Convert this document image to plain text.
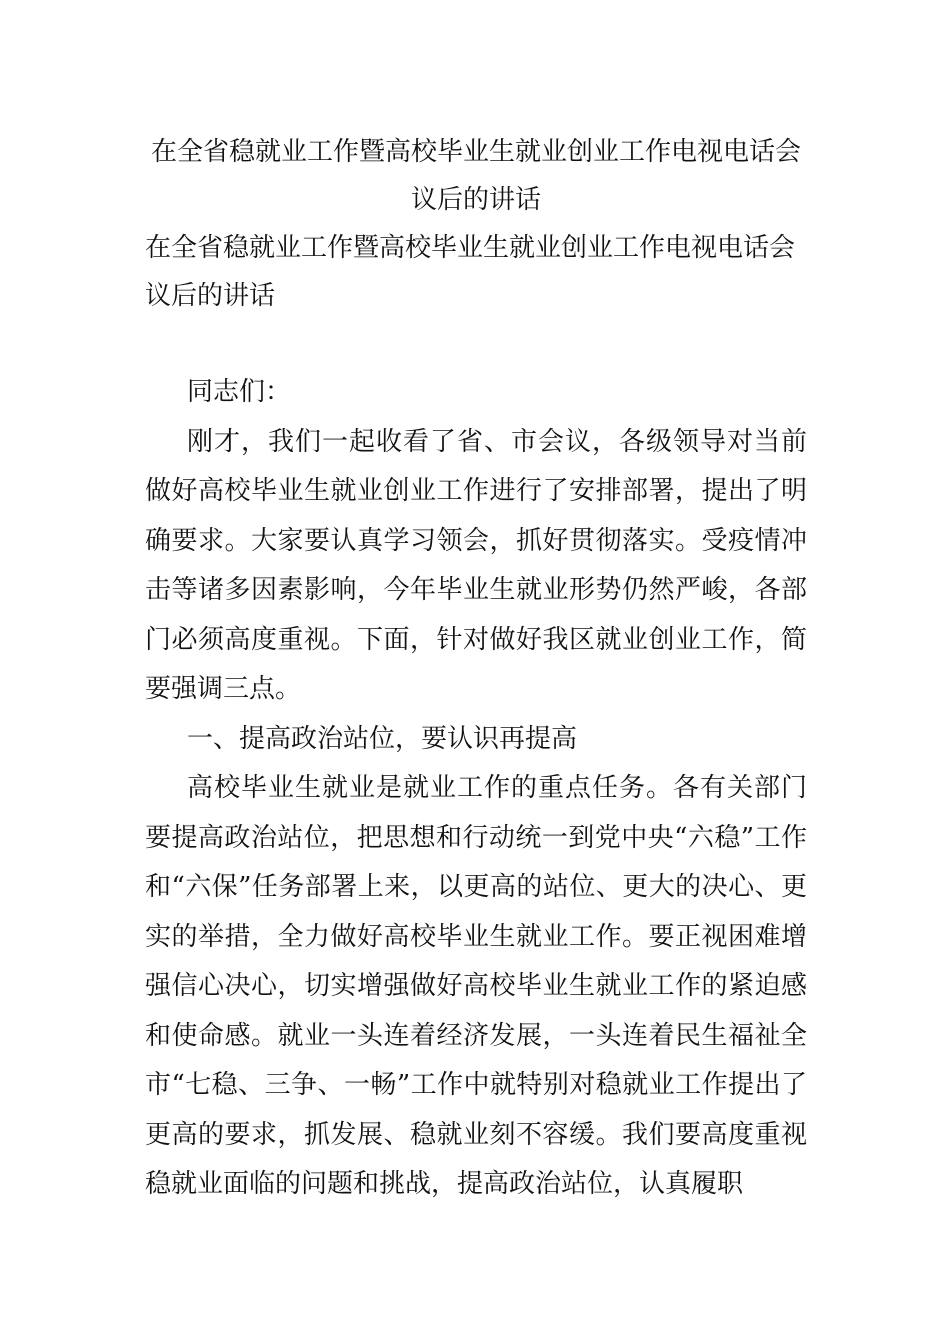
在全省稳就业工作暨高校毕业生就业创业工作电视电话会议后的讲话

在全省稳就业工作暨高校毕业生就业创业工作电视电话会议后的讲话

同志们：

刚才，我们一起收看了省、市会议，各级领导对当前做好高校毕业生就业创业工作进行了安排部署，提出了明确要求。大家要认真学习领会，抓好贯彻落实。受疫情冲击等诸多因素影响，今年毕业生就业形势仍然严峻，各部门必须高度重视。下面，针对做好我区就业创业工作，简要强调三点。

一、提高政治站位，要认识再提高

高校毕业生就业是就业工作的重点任务。各有关部门要提高政治站位，把思想和行动统一到党中央“六稳”工作和“六保”任务部署上来，以更高的站位、更大的决心、更实的举措，全力做好高校毕业生就业工作。要正视困难增强信心决心，切实增强做好高校毕业生就业工作的紧迫感和使命感。就业一头连着经济发展，一头连着民生福祉全市“七稳、三争、一畅”工作中就特别对稳就业工作提出了更高的要求，抓发展、稳就业刻不容缓。我们要高度重视稳就业面临的问题和挑战，提高政治站位，认真履职
